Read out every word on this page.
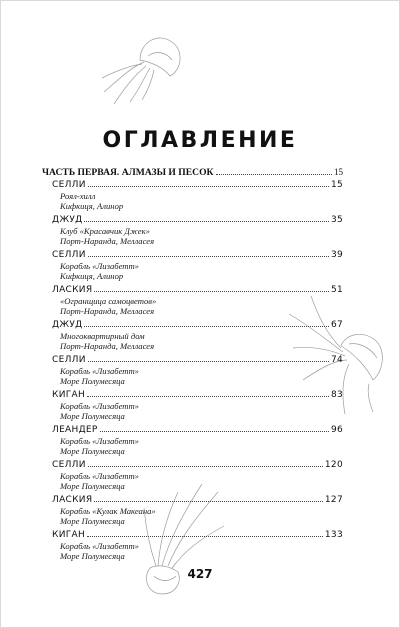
ОГЛАВЛЕНИЕ
ЧАСТЬ ПЕРВАЯ. АЛМАЗЫ И ПЕСОК	15
СЕЛЛИ	15
Роял-хилл
Кифкиця, Алинор
ДЖУД	35
Клуб «Красавчик Джек»
Порт-Наранда, Мелласея
СЕЛЛИ	39
Корабль «Лизабетт»
Кифкиця, Алинор
ЛАСКИЯ	51
«Огранщица самоцветов»
Порт-Наранда, Мелласея
ДЖУД	67
Многоквартирный дом
Порт-Наранда, Мелласея
СЕЛЛИ	74
Корабль «Лизабетт»
Море Полумесяца
КИГАН	83
Корабль «Лизабетт»
Море Полумесяца
ЛЕАНДЕР	96
Корабль «Лизабетт»
Море Полумесяца
СЕЛЛИ	120
Корабль «Лизабетт»
Море Полумесяца
ЛАСКИЯ	127
Корабль «Кулак Макеана»
Море Полумесяца
КИГАН	133
Корабль «Лизабетт»
Море Полумесяца
427
